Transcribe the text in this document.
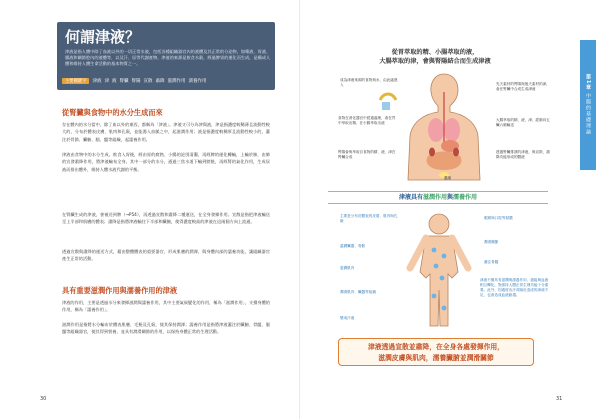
何謂津液？
津液是指人體中除了血液以外的一切正常水液，包括各種組織器官內的液體及其正常的分泌物，如唾液、胃液、腸液和關節腔內的液體等，以及汗、尿等代謝產物。津液的來源是飲食水穀，經過脾胃的運化而生成，是構成人體和維持人體生命活動的基本物質之一。
主要關鍵字	津液 津 液 腎臟 腎陽 宣散 肅降 滋潤作用 濡養作用
從腎臟與食物中的水分生成而來
存在體內的水分當中，除了血以外的東西，都稱為「津液」。津液又可分為津與液，津是指濃度較稀薄且流動性較大的，分布於體表皮膚、肌肉和孔竅，並能滲入血脈之中，起滋潤作用；液是指濃度較稠厚且流動性較小的，灌注於骨節、臟腑、腦、髓等組織，起濡養作用。
津液由食物中的水分生成。飲食入胃後，經由胃的腐熟、小腸的泌別清濁，再經脾的運化轉輸，上輸於肺，由肺的宣發肅降作用，將津液輸布全身。其中一部分的水分，通過三焦水道下輸到膀胱，再經腎的氣化作用，生成尿液而排出體外，維持人體水液代謝的平衡。
在腎臟生成的津液，會被送到脾（→P54），再透過宣散和肅降二種運送，在全身發揮作用。宣散是指把津液輸送至上半部和肌膚的體表；肅降是指將津液輸往下半部和臟腑，使得濃度較高的津液在這兩個方向上流通。
透過宣散與肅降的運送方式，藉由整體體表的重要器官，形成肌膚的潤澤，與身體內部的濡養功能，讓組織器官產生正常的活動。
具有重要滋潤作用與濡養作用的津液
津液的作用，主要是透過水分來發揮滋潤與濡養作用，其中主要氣候變化的作用，稱為「滋潤作用」，支撐身體的作用，稱為「濡養作用」。
滋潤作用是指將水分輸布於體表肌膚、毛髮及孔竅，使其保持潤澤；濡養作用是指將津液灌注於臟腑、骨髓、腦髓等組織器官，使其得到營養，並具有潤滑關節的作用，以保持身體正常的生理活動。
30
第1章 中醫的基礎理論
從胃萃取的精、小腸萃取的液，
大腸萃取的津，會與腎陽結合而生成津液
成為津液來源的食物與水，由此處進入	先天素材的腎陽與後天素材的津，會在腎臟中合成生成津液
食物在消化器官中經過處理，會在胃中萃取出精、在小腸萃取出液
大腸萃取的精、液、津，經肺向五臟六腑輸送
腎陽會與萃取自食物的精、液、津在腎臟合成
透過腎臟排泄的津液，與宣散、肅降功能形成的體液
濃縮
津液具有滋潤作用與濡養作用
主要是分布於體表的皮膚、肌肉與孔竅
眼睛與口腔等黏膜
溫潤臟器、骨骼
潤滑關節
滋潤肌肉
灌注骨髓
潤滑肌肉、臟器等組織
變成汗液
津液不僅具有滋潤與濡養作用，還能與血液相互轉化，對維持人體正常生理功能十分重要。此外，因過度出汗或嘔吐造成的津液不足，也會造成血液虧損。
津液透過宣散並肅降，在全身各處發揮作用，
滋潤皮膚與肌肉，濡養臟腑並潤滑關節
31
